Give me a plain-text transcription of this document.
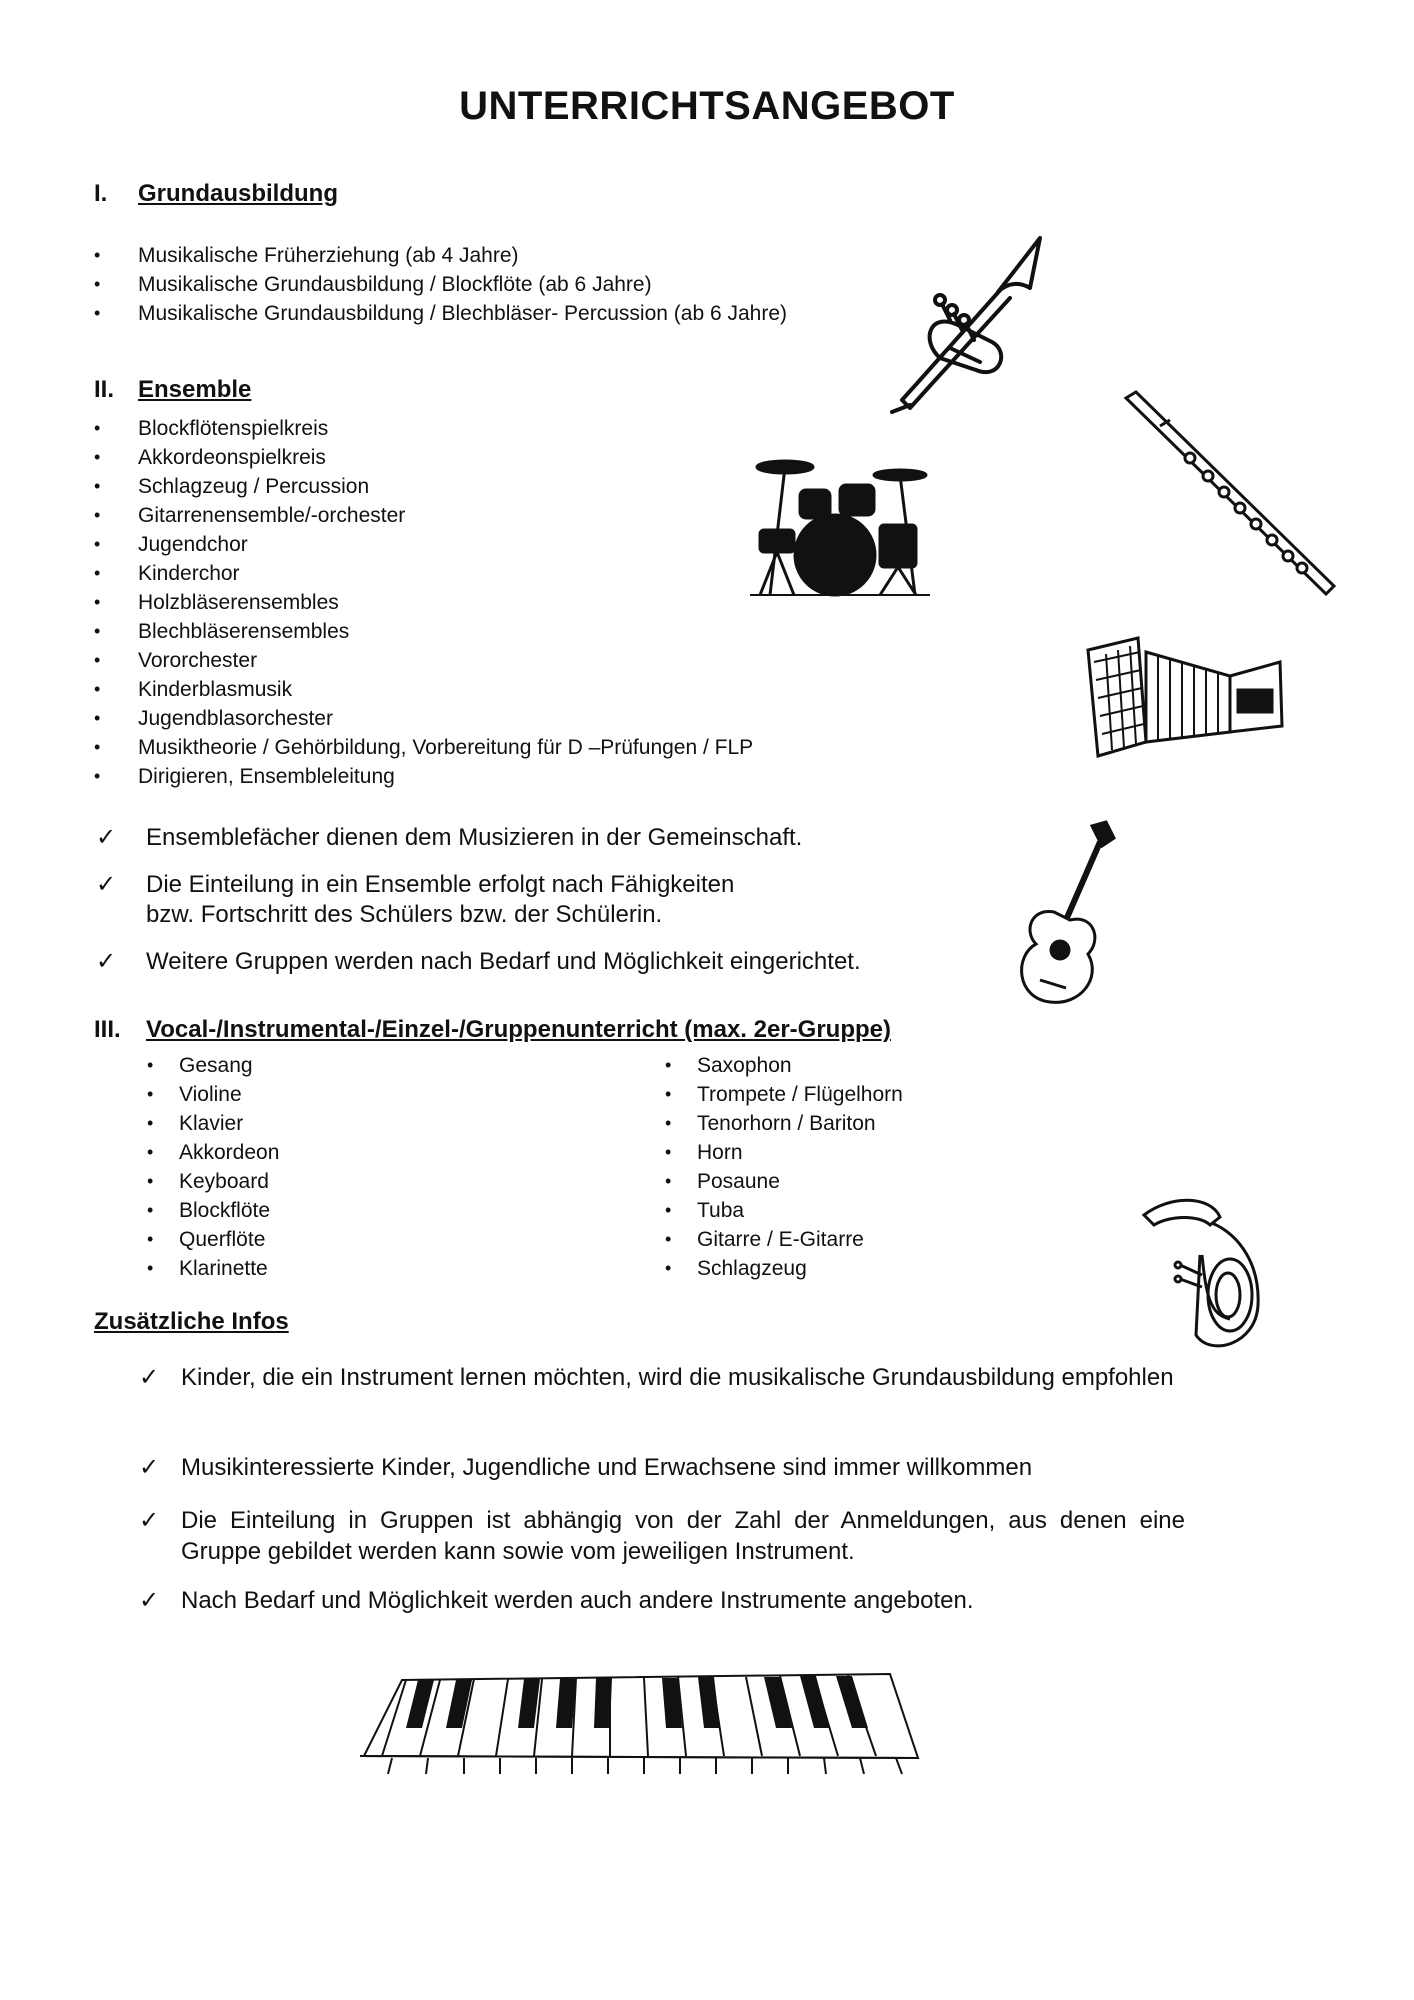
UNTERRICHTSANGEBOT
I. Grundausbildung
• Musikalische Früherziehung (ab 4 Jahre)
• Musikalische Grundausbildung / Blockflöte (ab 6 Jahre)
• Musikalische Grundausbildung / Blechbläser- Percussion (ab 6 Jahre)
II. Ensemble
• Blockflötenspielkreis
• Akkordeonspielkreis
• Schlagzeug / Percussion
• Gitarrenensemble/-orchester
• Jugendchor
• Kinderchor
• Holzbläserensembles
• Blechbläserensembles
• Vororchester
• Kinderblasmusik
• Jugendblasorchester
• Musiktheorie / Gehörbildung, Vorbereitung für D –Prüfungen / FLP
• Dirigieren, Ensembleleitung
✓ Ensemblefächer dienen dem Musizieren in der Gemeinschaft.
✓ Die Einteilung in ein Ensemble erfolgt nach Fähigkeiten
bzw. Fortschritt des Schülers bzw. der Schülerin.
✓ Weitere Gruppen werden nach Bedarf und Möglichkeit eingerichtet.
III. Vocal-/Instrumental-/Einzel-/Gruppenunterricht (max. 2er-Gruppe)
• Gesang
• Violine
• Klavier
• Akkordeon
• Keyboard
• Blockflöte
• Querflöte
• Klarinette
• Saxophon
• Trompete / Flügelhorn
• Tenorhorn / Bariton
• Horn
• Posaune
• Tuba
• Gitarre / E-Gitarre
• Schlagzeug
Zusätzliche Infos
✓ Kinder, die ein Instrument lernen möchten, wird die musikalische Grundausbildung empfohlen
✓ Musikinteressierte Kinder, Jugendliche und Erwachsene sind immer willkommen
✓ Die Einteilung in Gruppen ist abhängig von der Zahl der Anmeldungen, aus denen eine Gruppe gebildet werden kann sowie vom jeweiligen Instrument.
✓ Nach Bedarf und Möglichkeit werden auch andere Instrumente angeboten.
